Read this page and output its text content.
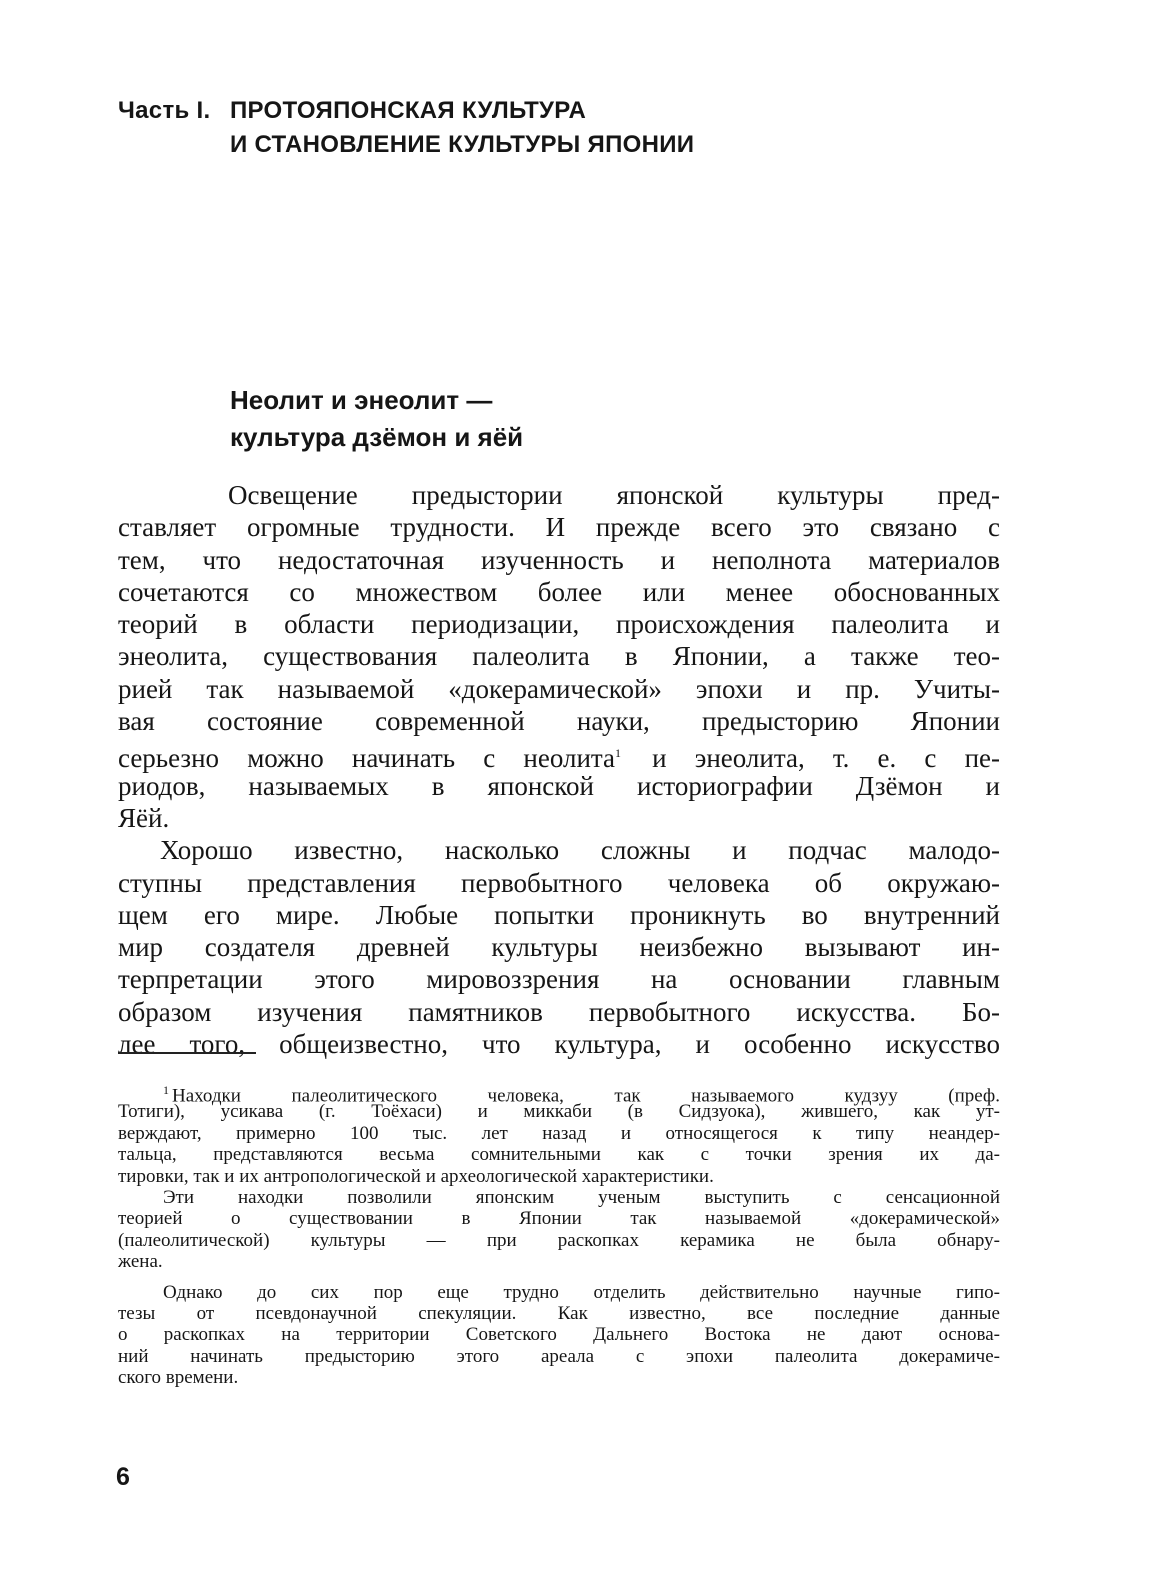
Часть I. ПРОТОЯПОНСКАЯ КУЛЬТУРА
И СТАНОВЛЕНИЕ КУЛЬТУРЫ ЯПОНИИ
Неолит и энеолит —
культура дзёмон и яёй
Освещение предыстории японской культуры пред-
ставляет огромные трудности. И прежде всего это связано с
тем, что недостаточная изученность и неполнота материалов
сочетаются со множеством более или менее обоснованных
теорий в области периодизации, происхождения палеолита и
энеолита, существования палеолита в Японии, а также тео-
рией так называемой «докерамической» эпохи и пр. Учиты-
вая состояние современной науки, предысторию Японии
серьезно можно начинать с неолита$^1$ и энеолита, т. е. с пе-
риодов, называемых в японской историографии Дзёмон и
Яёй.
Хорошо известно, насколько сложны и подчас малодо-
ступны представления первобытного человека об окружаю-
щем его мире. Любые попытки проникнуть во внутренний
мир создателя древней культуры неизбежно вызывают ин-
терпретации этого мировоззрения на основании главным
образом изучения памятников первобытного искусства. Бо-
лее того, общеизвестно, что культура, и особенно искусство
$^1$ Находки палеолитического человека, так называемого кудзуу (преф.
Тотиги), усикава (г. Тоёхаси) и миккаби (в Сидзуока), жившего, как ут-
верждают, примерно 100 тыс. лет назад и относящегося к типу неандер-
тальца, представляются весьма сомнительными как с точки зрения их да-
тировки, так и их антропологической и археологической характеристики.
Эти находки позволили японским ученым выступить с сенсационной
теорией о существовании в Японии так называемой «докерамической»
(палеолитической) культуры — при раскопках керамика не была обнару-
жена.
Однако до сих пор еще трудно отделить действительно научные гипо-
тезы от псевдонаучной спекуляции. Как известно, все последние данные
о раскопках на территории Советского Дальнего Востока не дают основа-
ний начинать предысторию этого ареала с эпохи палеолита докерамиче-
ского времени.
6
